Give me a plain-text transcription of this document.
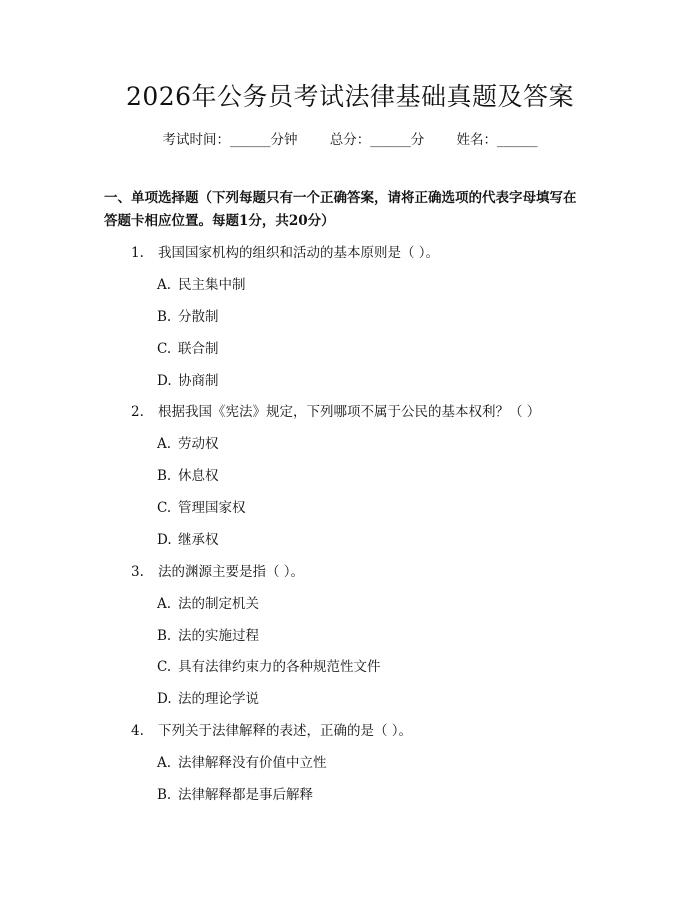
2026年公务员考试法律基础真题及答案
考试时间：______分钟 总分：______分 姓名：______
一、单项选择题（下列每题只有一个正确答案，请将正确选项的代表字母填写在
答题卡相应位置。每题1分，共20分）
1. 我国国家机构的组织和活动的基本原则是（ ）。
A. 民主集中制
B. 分散制
C. 联合制
D. 协商制
2. 根据我国《宪法》规定，下列哪项不属于公民的基本权利？（ ）
A. 劳动权
B. 休息权
C. 管理国家权
D. 继承权
3. 法的渊源主要是指（ ）。
A. 法的制定机关
B. 法的实施过程
C. 具有法律约束力的各种规范性文件
D. 法的理论学说
4. 下列关于法律解释的表述，正确的是（ ）。
A. 法律解释没有价值中立性
B. 法律解释都是事后解释
